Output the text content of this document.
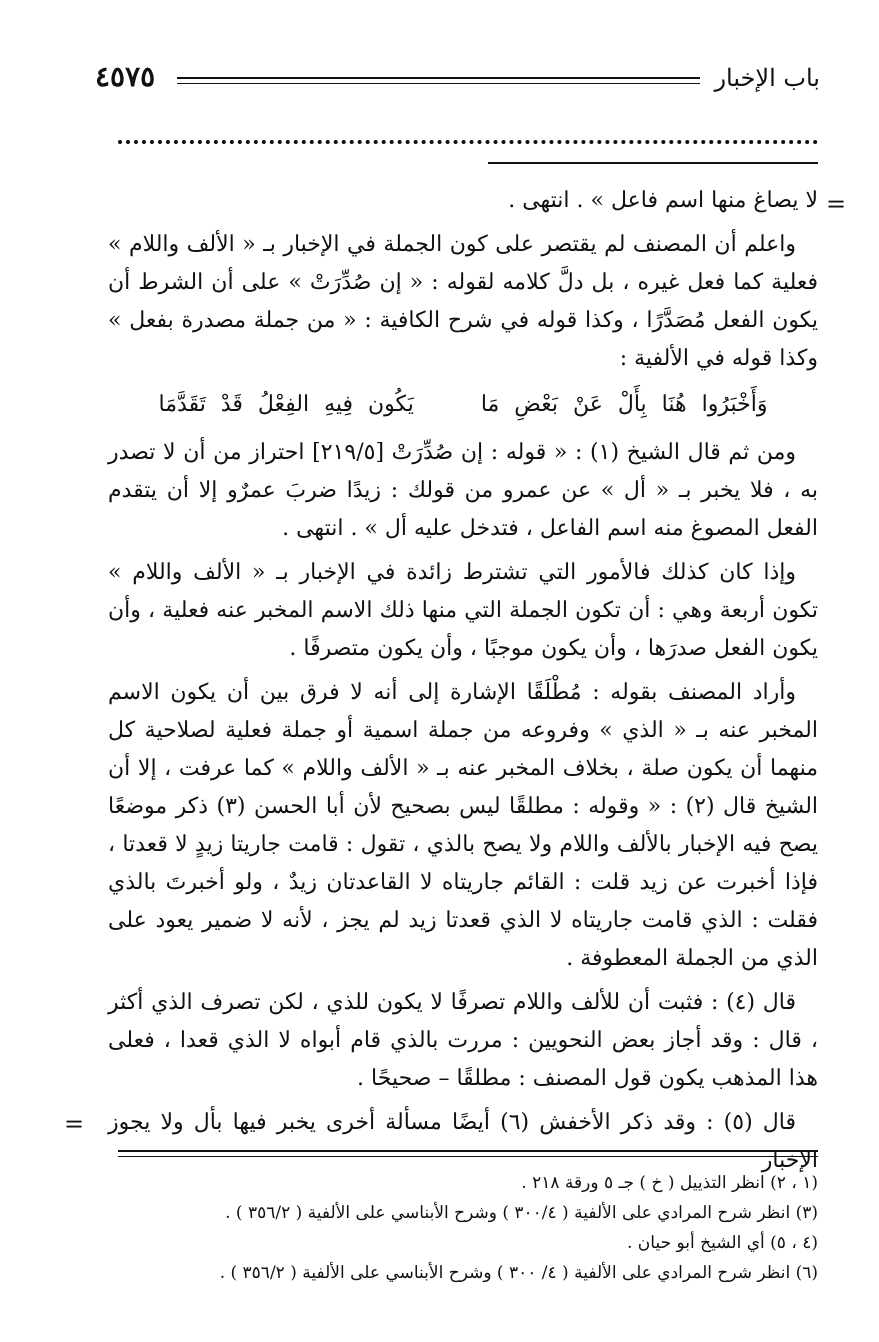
باب الإخبار
٤٥٧٥
=

لا يصاغ منها اسم فاعل » . انتهى .

واعلم أن المصنف لم يقتصر على كون الجملة في الإخبار بـ « الألف واللام » فعلية كما فعل غيره ، بل دلَّ كلامه لقوله : « إن صُدِّرَتْ » على أن الشرط أن يكون الفعل مُصَدَّرًا ، وكذا قوله في شرح الكافية : « من جملة مصدرة بفعل » وكذا قوله في الألفية :

وَأَخْبَرُوا هُنَا بِأَلْ عَنْ بَعْضِ مَا يَكُون فِيهِ الفِعْلُ قَدْ تَقَدَّمَا

ومن ثم قال الشيخ (١) : « قوله : إن صُدِّرَتْ [٢١٩/٥] احتراز من أن لا تصدر به ، فلا يخبر بـ « أل » عن عمرو من قولك : زيدًا ضربَ عمرٌو إلا أن يتقدم الفعل المصوغ منه اسم الفاعل ، فتدخل عليه أل » . انتهى .

وإذا كان كذلك فالأمور التي تشترط زائدة في الإخبار بـ « الألف واللام » تكون أربعة وهي : أن تكون الجملة التي منها ذلك الاسم المخبر عنه فعلية ، وأن يكون الفعل صدرَها ، وأن يكون موجبًا ، وأن يكون متصرفًا .

وأراد المصنف بقوله : مُطْلَقًا الإشارة إلى أنه لا فرق بين أن يكون الاسم المخبر عنه بـ « الذي » وفروعه من جملة اسمية أو جملة فعلية لصلاحية كل منهما أن يكون صلة ، بخلاف المخبر عنه بـ « الألف واللام » كما عرفت ، إلا أن الشيخ قال (٢) : « وقوله : مطلقًا ليس بصحيح لأن أبا الحسن (٣) ذكر موضعًا يصح فيه الإخبار بالألف واللام ولا يصح بالذي ، تقول : قامت جاريتا زيدٍ لا قعدتا ، فإذا أخبرت عن زيد قلت : القائم جاريتاه لا القاعدتان زيدٌ ، ولو أخبرتَ بالذي فقلت : الذي قامت جاريتاه لا الذي قعدتا زيد لم يجز ، لأنه لا ضمير يعود على الذي من الجملة المعطوفة .

قال (٤) : فثبت أن للألف واللام تصرفًا لا يكون للذي ، لكن تصرف الذي أكثر ، قال : وقد أجاز بعض النحويين : مررت بالذي قام أبواه لا الذي قعدا ، فعلى هذا المذهب يكون قول المصنف : مطلقًا – صحيحًا .

قال (٥) : وقد ذكر الأخفش (٦) أيضًا مسألة أخرى يخبر فيها بأل ولا يجوز الإخبار

=
(١ ، ٢) انظر التذييل ( خ ) جـ ٥ ورقة ٢١٨ .
(٣) انظر شرح المرادي على الألفية ( ٣٠٠/٤ ) وشرح الأبناسي على الألفية ( ٣٥٦/٢ ) .
(٤ ، ٥) أي الشيخ أبو حيان .
(٦) انظر شرح المرادي على الألفية ( ٤/ ٣٠٠ ) وشرح الأبناسي على الألفية ( ٣٥٦/٢ ) .
